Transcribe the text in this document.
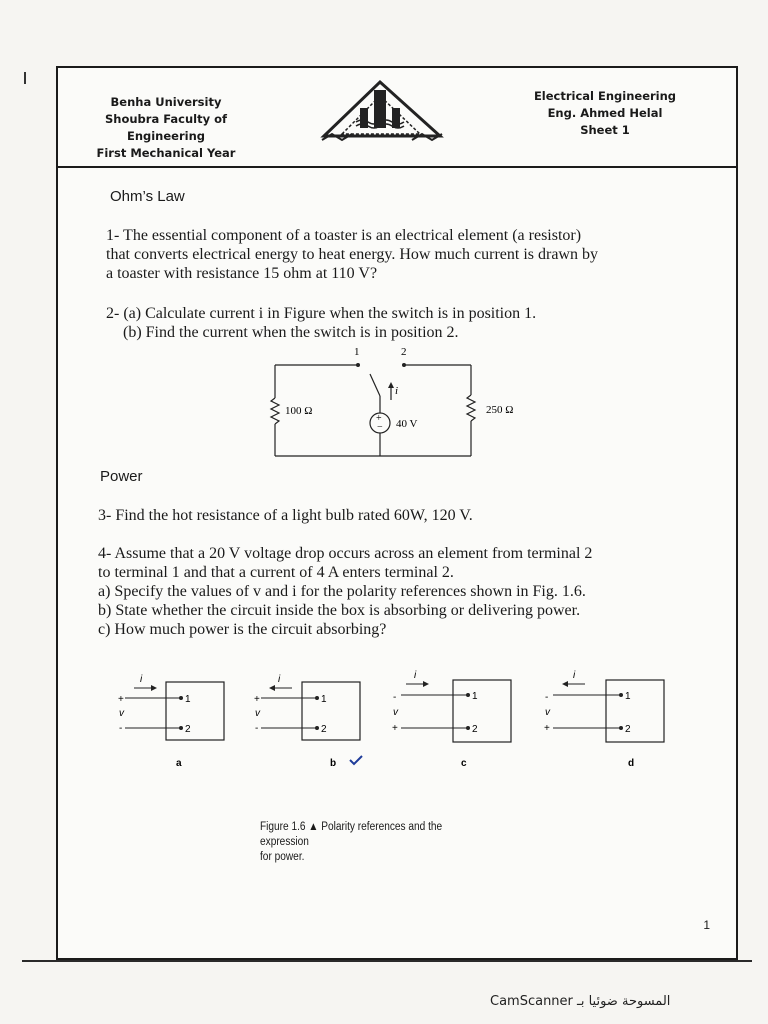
Benha University
Shoubra Faculty of Engineering
First Mechanical Year
Electrical Engineering
Eng. Ahmed Helal
Sheet 1
Ohm’s Law

1- The essential component of a toaster is an electrical element (a resistor)

that converts electrical energy to heat energy. How much current is drawn by

a toaster with resistance 15 ohm at 110 V?

2- (a) Calculate current i in Figure when the switch is in position 1.

(b) Find the current when the switch is in position 2.

+
−
i
1	2
100 Ω	250 Ω
40 V
1
2
i
+
v
-
a
1
2
i
+
v
-
b
1
2
i
-
v
+
c
1
2
i
-
v
+
d
Power

3- Find the hot resistance of a light bulb rated 60W, 120 V.

4- Assume that a 20 V voltage drop occurs across an element from terminal 2

to terminal 1 and that a current of 4 A enters terminal 2.

a) Specify the values of v and i for the polarity references shown in Fig. 1.6.

b) State whether the circuit inside the box is absorbing or delivering power.

c) How much power is the circuit absorbing?

Figure 1.6 ▲ Polarity references and the expression
for power.
1
CamScanner المسوحة ضوئيا بـ
